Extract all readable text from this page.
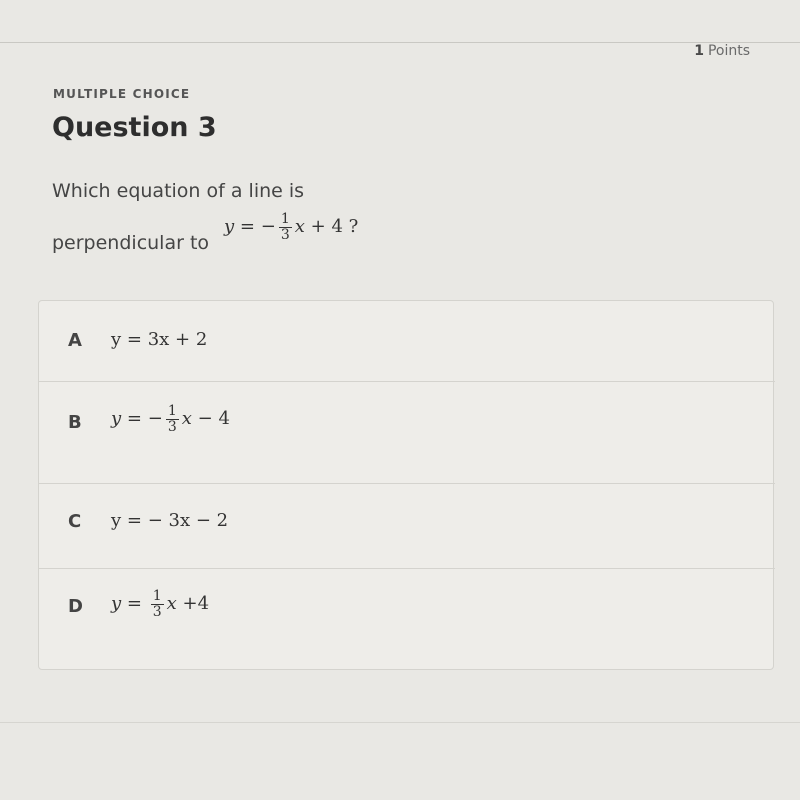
1 Points
MULTIPLE CHOICE
Question 3
Which equation of a line is
perpendicular to
y = − $\frac{1}{3}$ x + 4 ?
A y = 3x + 2
B y = − $\frac{1}{3}$ x − 4
C y = − 3x − 2
D $y = \frac{1}{3}$ x +4
